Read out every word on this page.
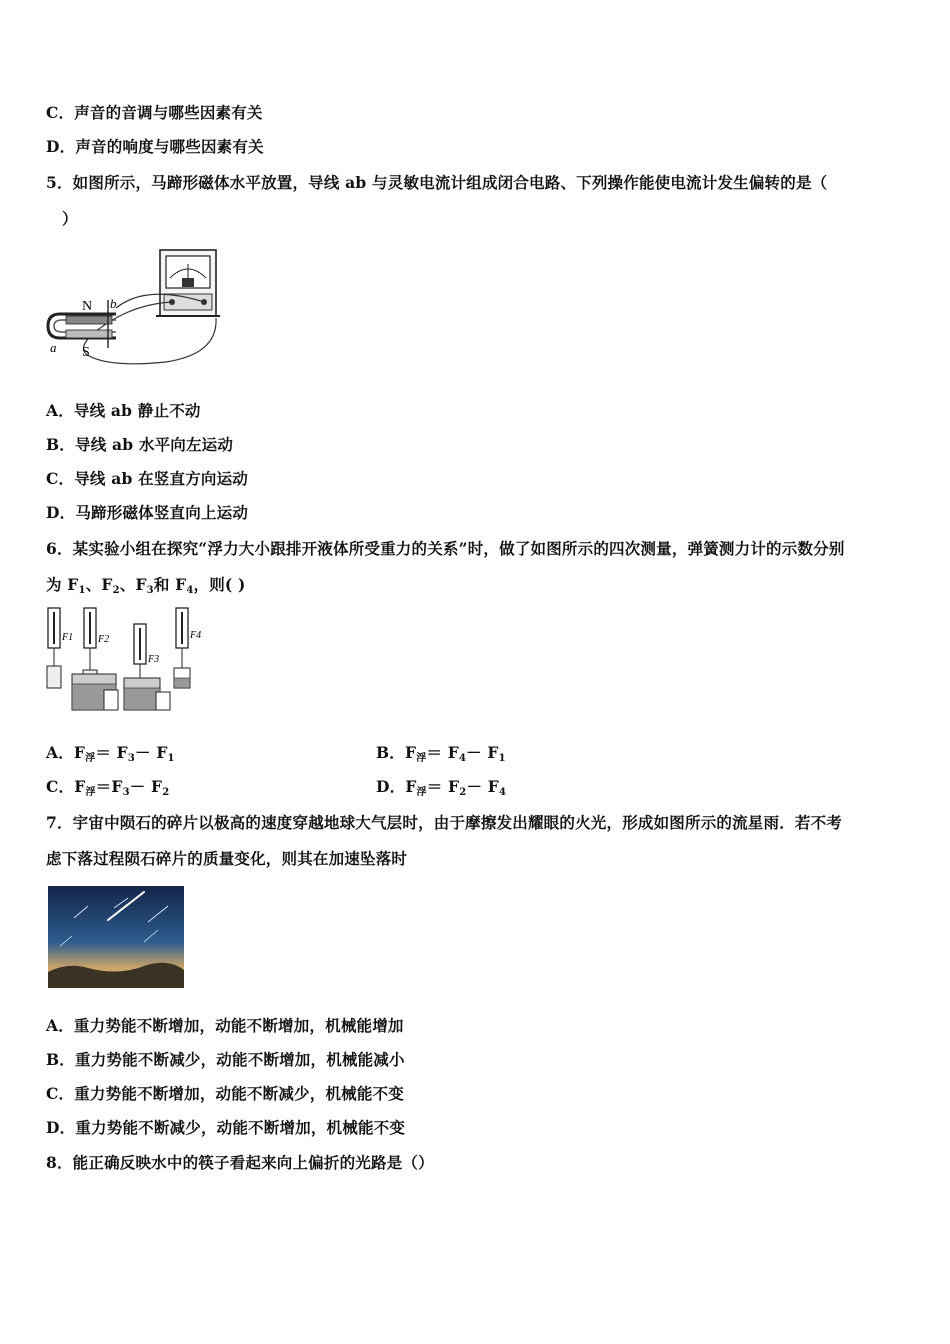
C．声音的音调与哪些因素有关
D．声音的响度与哪些因素有关
5．如图所示，马蹄形磁体水平放置，导线 ab 与灵敏电流计组成闭合电路、下列操作能使电流计发生偏转的是（
）
N
S
a
b
A．导线 ab 静止不动
B．导线 ab 水平向左运动
C．导线 ab 在竖直方向运动
D．马蹄形磁体竖直向上运动
6．某实验小组在探究“浮力大小跟排开液体所受重力的关系”时，做了如图所示的四次测量，弹簧测力计的示数分别
为 $F_1$、$F_2$、$F_3$和 $F_4$，则( )
F1 F2
F3
F4
A．$F_浮= F_3- F_1$	B．$F_浮= F_4- F_1$
C．$F_浮=F_3- F_2$	D．$F_浮= F_2- F_4$
7．宇宙中陨石的碎片以极高的速度穿越地球大气层时，由于摩擦发出耀眼的火光，形成如图所示的流星雨．若不考
虑下落过程陨石碎片的质量变化，则其在加速坠落时
A．重力势能不断增加，动能不断增加，机械能增加
B．重力势能不断减少，动能不断增加，机械能减小
C．重力势能不断增加，动能不断减少，机械能不变
D．重力势能不断减少，动能不断增加，机械能不变
8．能正确反映水中的筷子看起来向上偏折的光路是（）
